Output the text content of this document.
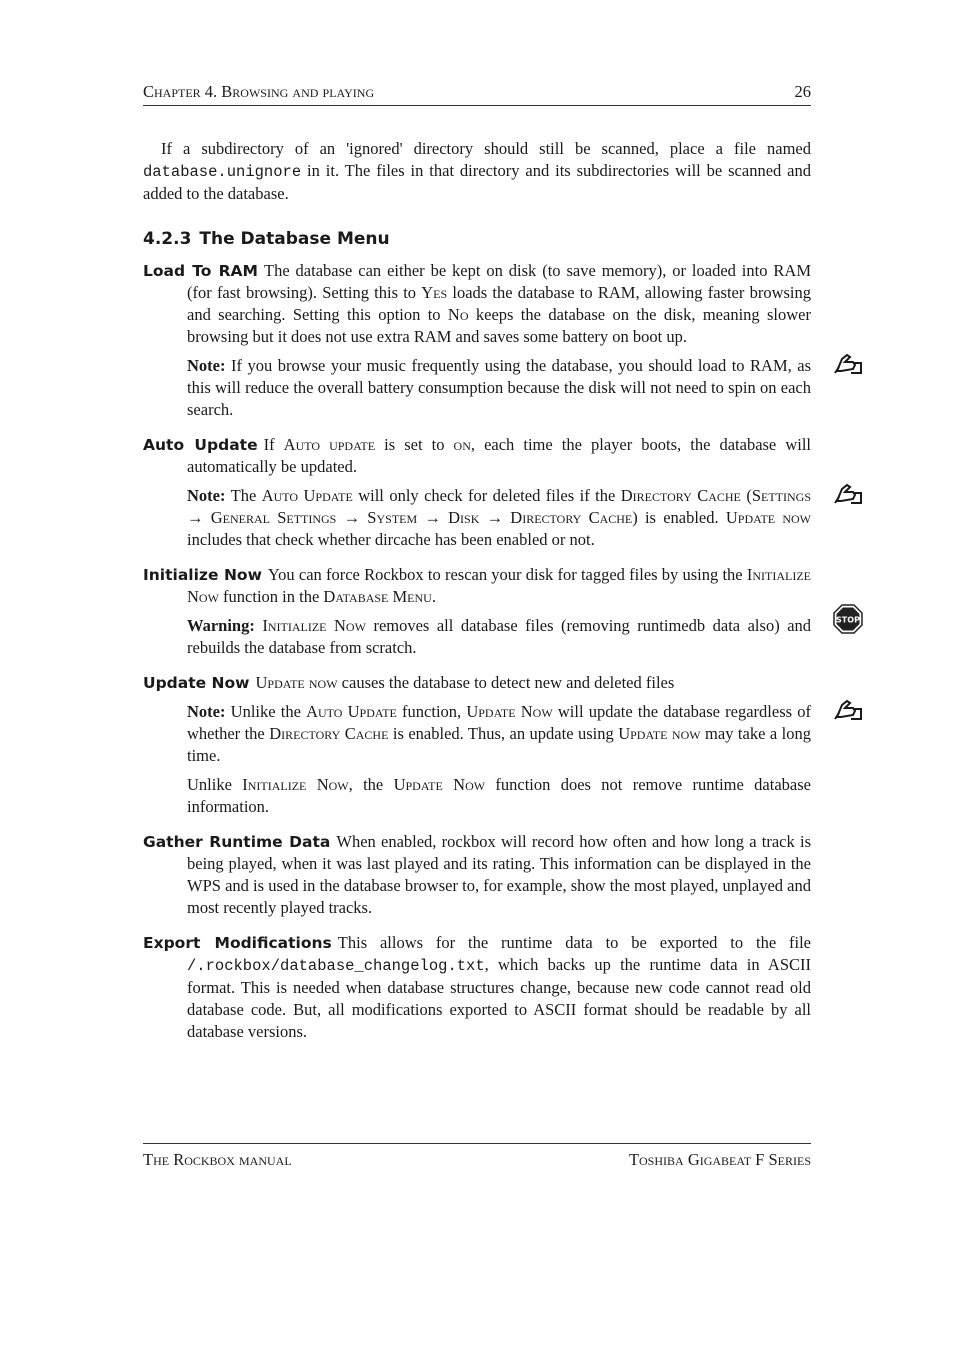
Chapter 4. Browsing and playing	26

If a subdirectory of an 'ignored' directory should still be scanned, place a file named database.unignore in it. The files in that directory and its subdirectories will be scanned and added to the database.

4.2.3 The Database Menu
Load To RAM The database can either be kept on disk (to save memory), or loaded into RAM (for fast browsing). Setting this to Yes loads the database to RAM, allowing faster browsing and searching. Setting this option to No keeps the database on the disk, meaning slower browsing but it does not use extra RAM and saves some battery on boot up.
Note: If you browse your music frequently using the database, you should load to RAM, as this will reduce the overall battery consumption because the disk will not need to spin on each search.
Auto Update If Auto update is set to on, each time the player boots, the database will automatically be updated.
Note: The Auto Update will only check for deleted files if the Directory Cache (Settings → General Settings → System → Disk → Directory Cache) is enabled. Update now includes that check whether dircache has been enabled or not.
Initialize Now You can force Rockbox to rescan your disk for tagged files by using the Initialize Now function in the Database Menu.
STOP
Warning: Initialize Now removes all database files (removing runtimedb data also) and rebuilds the database from scratch.
Update Now Update now causes the database to detect new and deleted files
Note: Unlike the Auto Update function, Update Now will update the database regardless of whether the Directory Cache is enabled. Thus, an update using Update now may take a long time.
Unlike Initialize Now, the Update Now function does not remove runtime database information.
Gather Runtime Data When enabled, rockbox will record how often and how long a track is being played, when it was last played and its rating. This information can be displayed in the WPS and is used in the database browser to, for example, show the most played, unplayed and most recently played tracks.
Export Modifications This allows for the runtime data to be exported to the file /.rockbox/database_changelog.txt, which backs up the runtime data in ASCII format. This is needed when database structures change, because new code cannot read old database code. But, all modifications exported to ASCII format should be readable by all database versions.
The Rockbox manual	Toshiba Gigabeat F Series
